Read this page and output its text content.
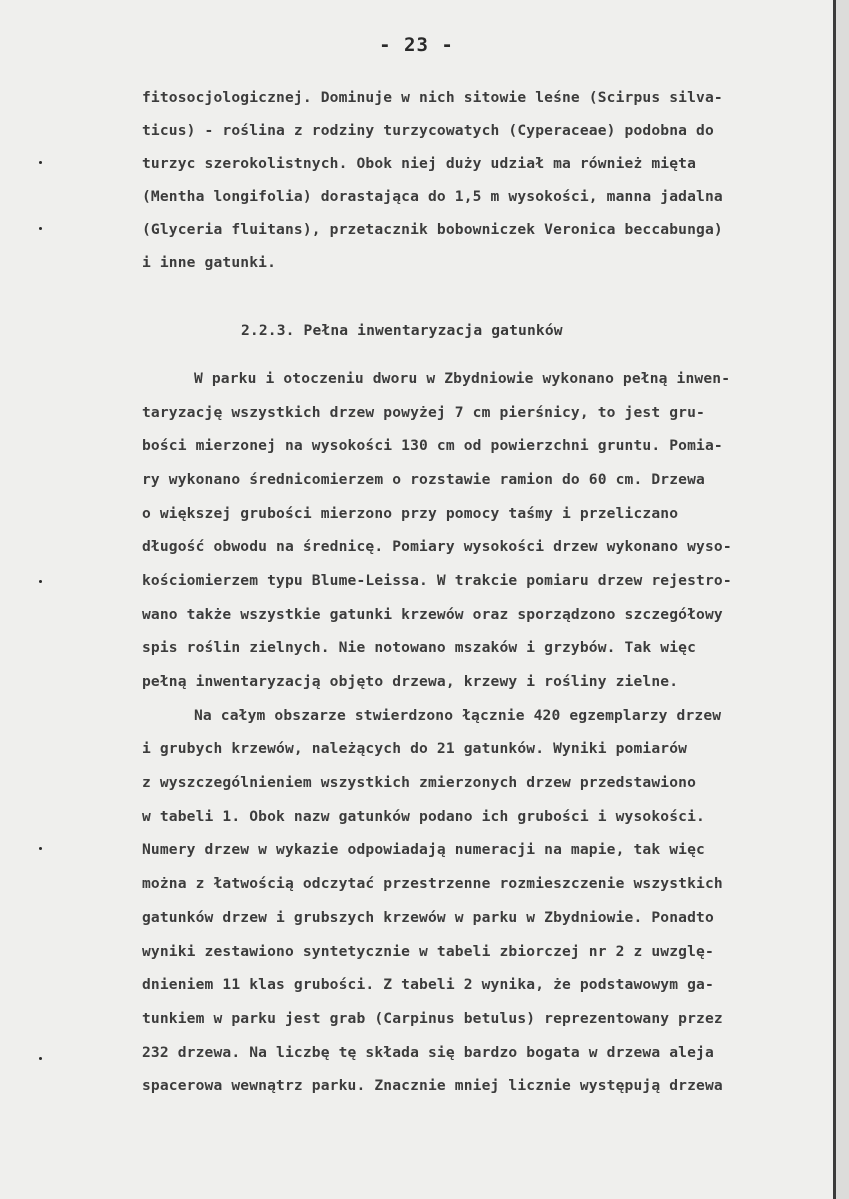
- 23 -
fitosocjologicznej. Dominuje w nich sitowie leśne (Scirpus silva-
ticus) - roślina z rodziny turzycowatych (Cyperaceae) podobna do
turzyc szerokolistnych. Obok niej duży udział ma również mięta
(Mentha longifolia) dorastająca do 1,5 m wysokości, manna jadalna
(Glyceria fluitans), przetacznik bobowniczek Veronica beccabunga)
i inne gatunki.
2.2.3. Pełna inwentaryzacja gatunków
W parku i otoczeniu dworu w Zbydniowie wykonano pełną inwen-
taryzację wszystkich drzew powyżej 7 cm pierśnicy, to jest gru-
bości mierzonej na wysokości 130 cm od powierzchni gruntu. Pomia-
ry wykonano średnicomierzem o rozstawie ramion do 60 cm. Drzewa
o większej grubości mierzono przy pomocy taśmy i przeliczano
długość obwodu na średnicę. Pomiary wysokości drzew wykonano wyso-
kościomierzem typu Blume-Leissa. W trakcie pomiaru drzew rejestro-
wano także wszystkie gatunki krzewów oraz sporządzono szczegółowy
spis roślin zielnych. Nie notowano mszaków i grzybów. Tak więc
pełną inwentaryzacją objęto drzewa, krzewy i rośliny zielne.
Na całym obszarze stwierdzono łącznie 420 egzemplarzy drzew
i grubych krzewów, należących do 21 gatunków. Wyniki pomiarów
z wyszczególnieniem wszystkich zmierzonych drzew przedstawiono
w tabeli 1. Obok nazw gatunków podano ich grubości i wysokości.
Numery drzew w wykazie odpowiadają numeracji na mapie, tak więc
można z łatwością odczytać przestrzenne rozmieszczenie wszystkich
gatunków drzew i grubszych krzewów w parku w Zbydniowie. Ponadto
wyniki zestawiono syntetycznie w tabeli zbiorczej nr 2 z uwzglę-
dnieniem 11 klas grubości. Z tabeli 2 wynika, że podstawowym ga-
tunkiem w parku jest grab (Carpinus betulus) reprezentowany przez
232 drzewa. Na liczbę tę składa się bardzo bogata w drzewa aleja
spacerowa wewnątrz parku. Znacznie mniej licznie występują drzewa
